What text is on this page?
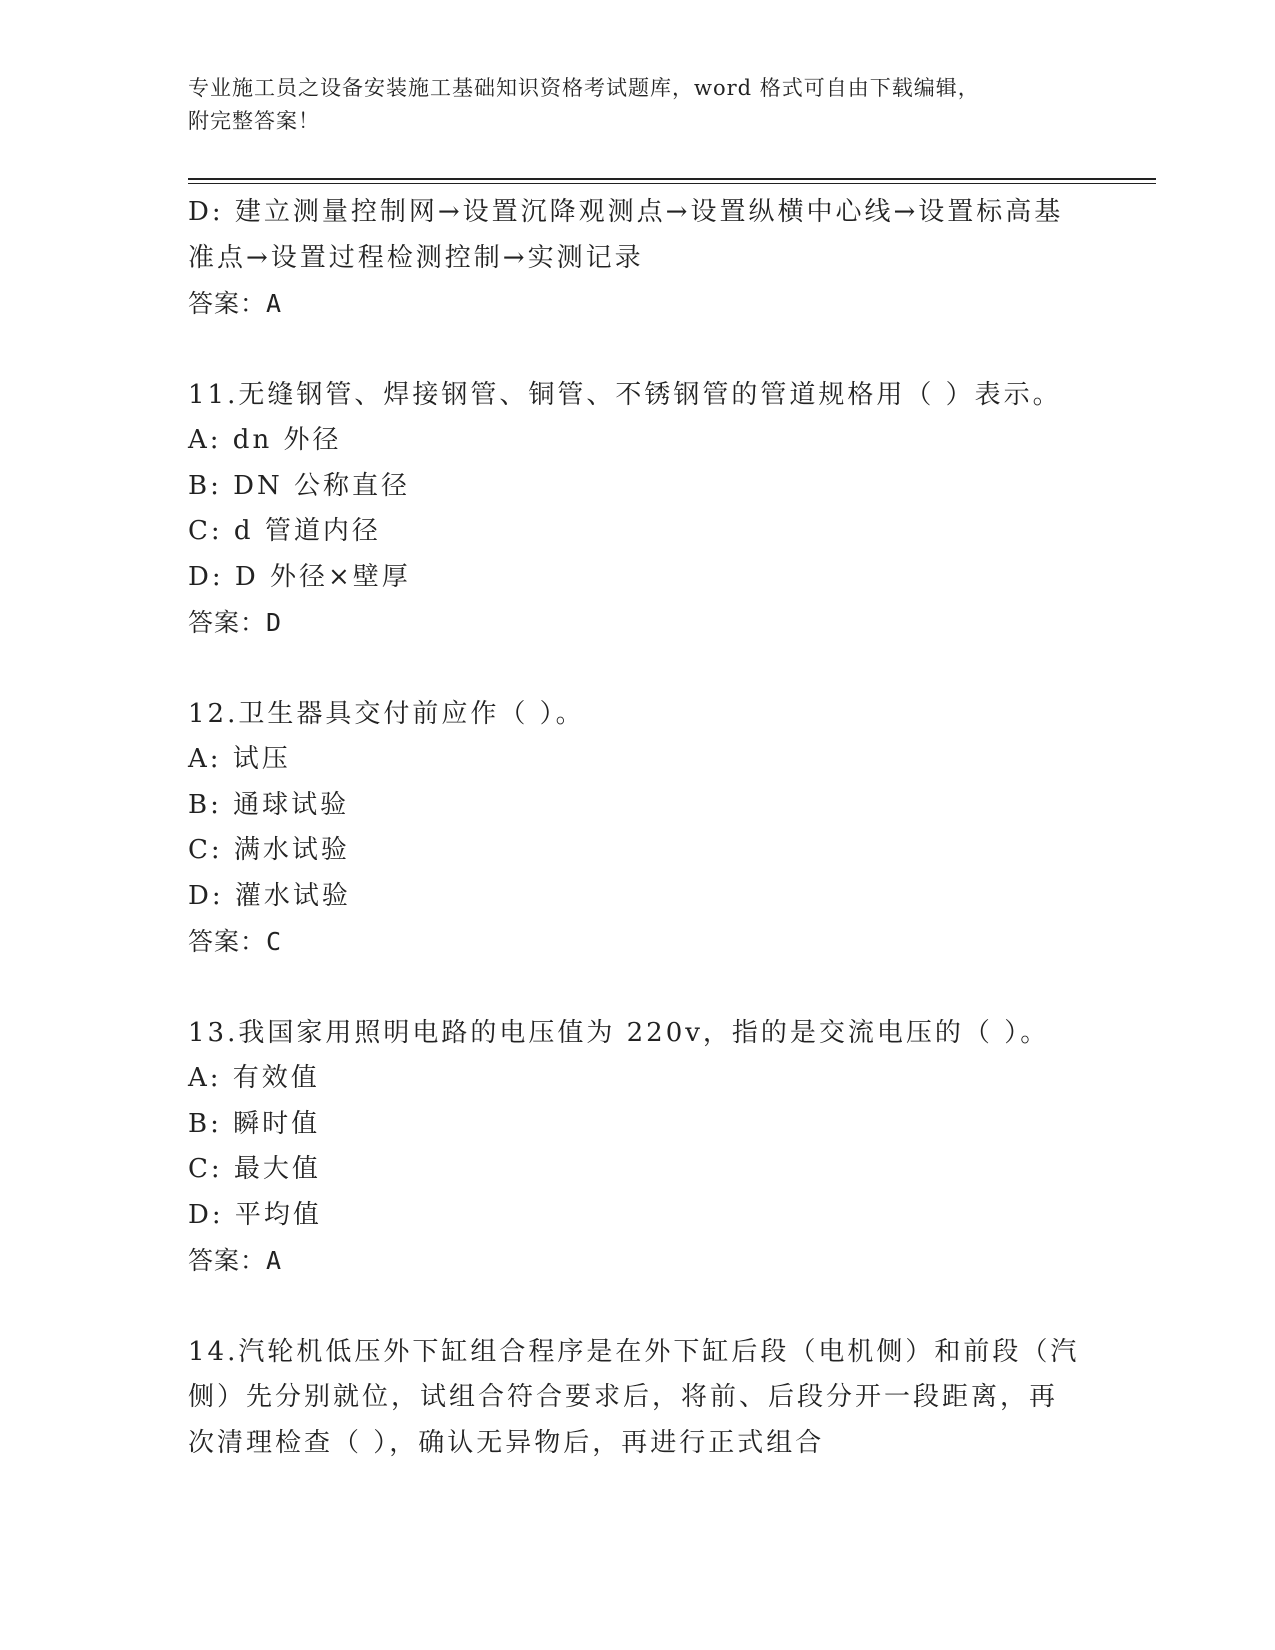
专业施工员之设备安装施工基础知识资格考试题库，word 格式可自由下载编辑，
附完整答案！
D: 建立测量控制网→设置沉降观测点→设置纵横中心线→设置标高基
准点→设置过程检测控制→实测记录
答案：A
11.无缝钢管、焊接钢管、铜管、不锈钢管的管道规格用（ ）表示。
A: dn 外径
B: DN 公称直径
C: d 管道内径
D: D 外径×壁厚
答案：D
12.卫生器具交付前应作（ ）。
A: 试压
B: 通球试验
C: 满水试验
D: 灌水试验
答案：C
13.我国家用照明电路的电压值为 220v，指的是交流电压的（ ）。
A: 有效值
B: 瞬时值
C: 最大值
D: 平均值
答案：A
14.汽轮机低压外下缸组合程序是在外下缸后段（电机侧）和前段（汽
侧）先分别就位，试组合符合要求后，将前、后段分开一段距离，再
次清理检查（ ），确认无异物后，再进行正式组合
